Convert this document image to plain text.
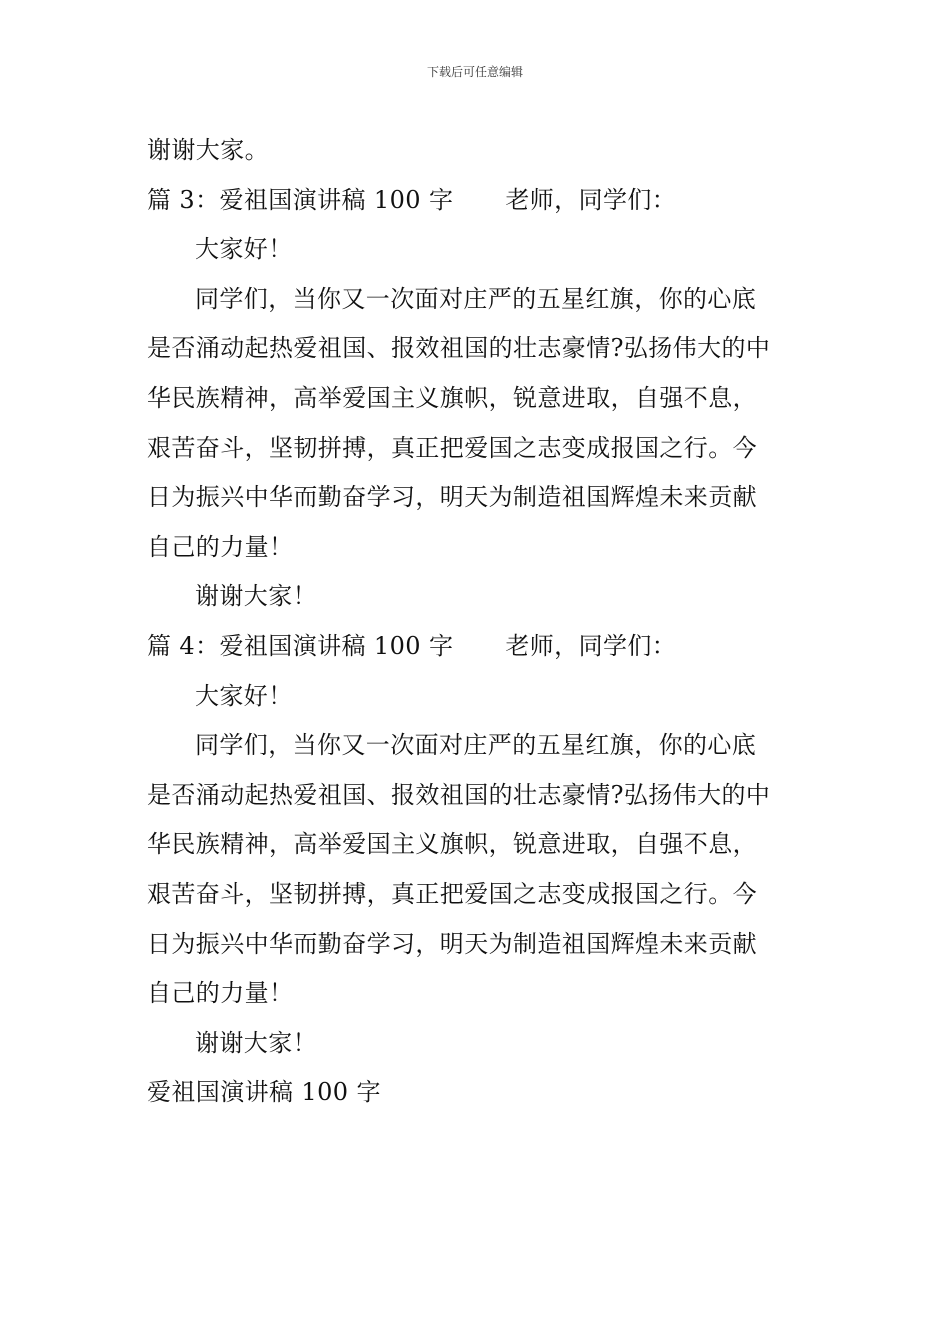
下载后可任意编辑
谢谢大家。
篇 3：爱祖国演讲稿 100 字 老师，同学们：
大家好！
同学们，当你又一次面对庄严的五星红旗，你的心底
是否涌动起热爱祖国、报效祖国的壮志豪情?弘扬伟大的中
华民族精神，高举爱国主义旗帜，锐意进取，自强不息，
艰苦奋斗，坚韧拼搏，真正把爱国之志变成报国之行。今
日为振兴中华而勤奋学习，明天为制造祖国辉煌未来贡献
自己的力量！
谢谢大家！
篇 4：爱祖国演讲稿 100 字 老师，同学们：
大家好！
同学们，当你又一次面对庄严的五星红旗，你的心底
是否涌动起热爱祖国、报效祖国的壮志豪情?弘扬伟大的中
华民族精神，高举爱国主义旗帜，锐意进取，自强不息，
艰苦奋斗，坚韧拼搏，真正把爱国之志变成报国之行。今
日为振兴中华而勤奋学习，明天为制造祖国辉煌未来贡献
自己的力量！
谢谢大家！
爱祖国演讲稿 100 字
